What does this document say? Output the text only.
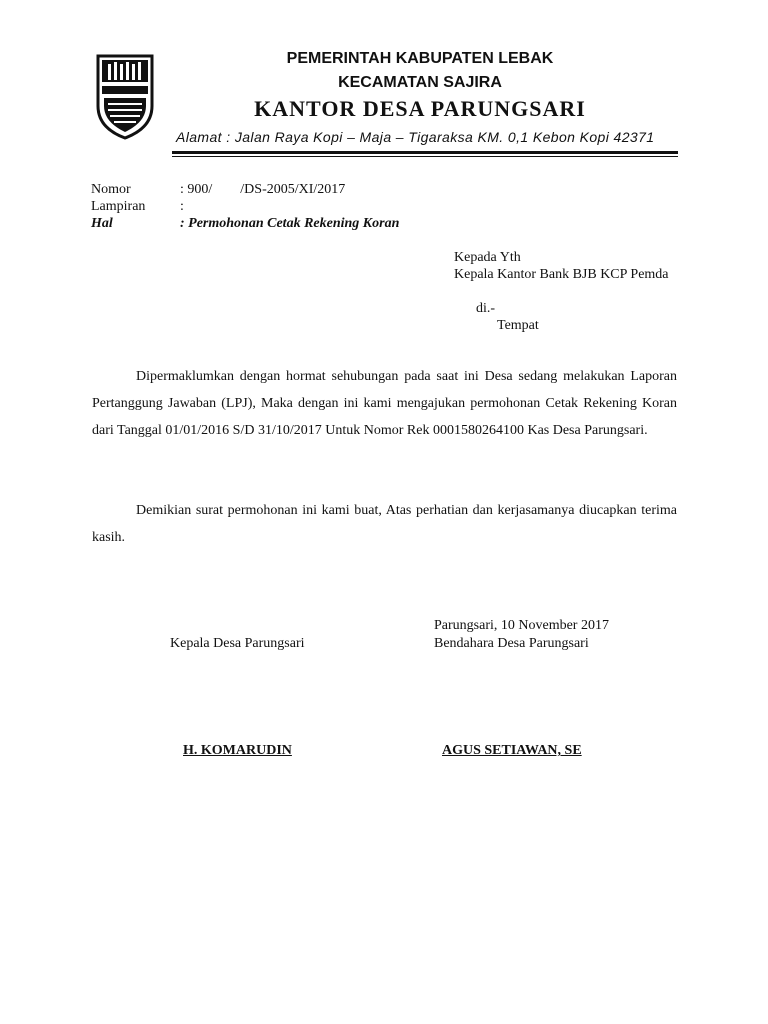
PEMERINTAH KABUPATEN LEBAK
KECAMATAN SAJIRA
KANTOR DESA PARUNGSARI
Alamat : Jalan Raya Kopi – Maja – Tigaraksa KM. 0,1 Kebon Kopi 42371
Nomor	: 900/        /DS-2005/XI/2017
Lampiran :
Hal	: Permohonan Cetak Rekening Koran
Kepada Yth
Kepala Kantor Bank BJB KCP Pemda
di.-
Tempat

Dipermaklumkan dengan hormat sehubungan pada saat ini Desa sedang melakukan Laporan Pertanggung Jawaban (LPJ), Maka dengan ini kami mengajukan permohonan Cetak Rekening Koran dari Tanggal 01/01/2016 S/D 31/10/2017 Untuk Nomor Rek 0001580264100 Kas Desa Parungsari.

Demikian surat permohonan ini kami buat, Atas perhatian dan kerjasamanya diucapkan terima kasih.

Parungsari, 10 November 2017
Kepala Desa Parungsari	Bendahara Desa Parungsari
H. KOMARUDIN	AGUS SETIAWAN, SE
